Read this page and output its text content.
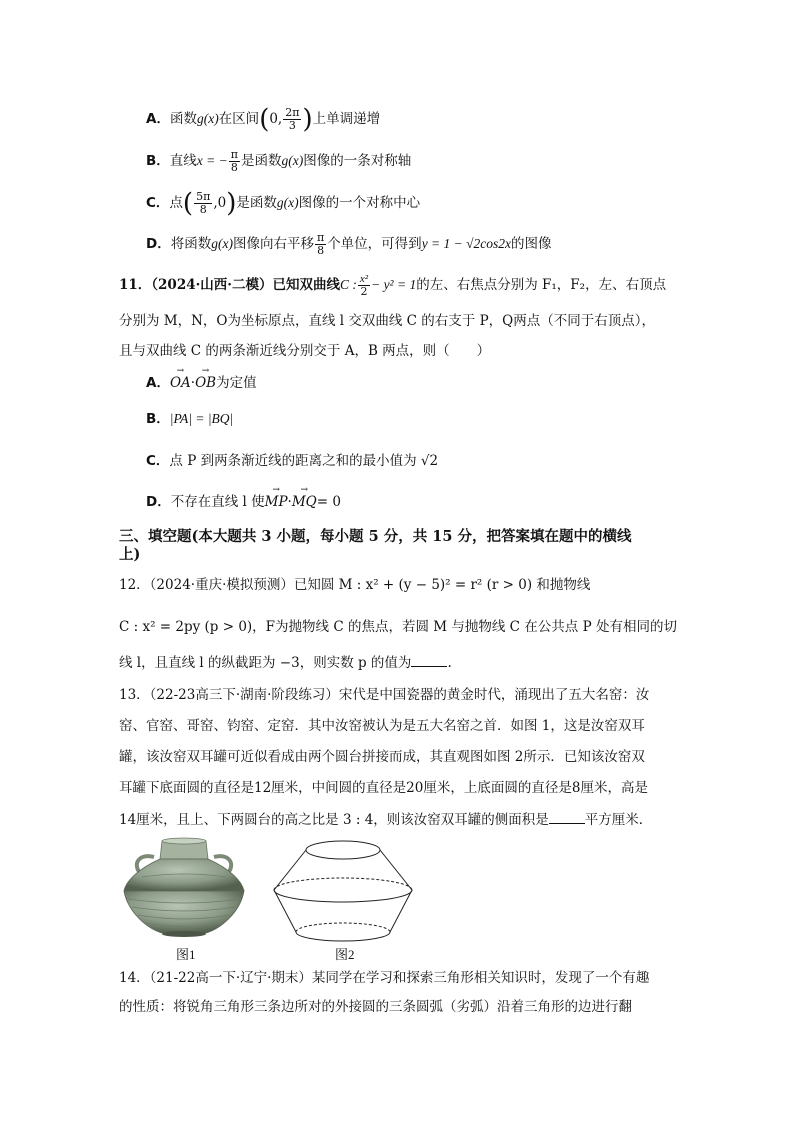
A．函数g(x)在区间(0, $\frac{2\pi}{3}$ )上单调递增
B．直线x = − $\frac{\pi}{8}$ 是函数g(x)图像的一条对称轴
C．点( $\frac{5\pi}{8} ,0$)是函数g(x)图像的一个对称中心
D．将函数g(x)图像向右平移 $\frac{\pi}{8}$ 个单位，可得到y = 1 − √2cos2x的图像
11．（2024·山西·二模）已知双曲线C : $\frac{\text{x²}}{2} - y^2 = 1$的左、右焦点分别为 F₁，F₂，左、右顶点
分别为 M，N，O为坐标原点，直线 l 交双曲线 C 的右支于 P，Q两点（不同于右顶点），
且与双曲线 C 的两条渐近线分别交于 A，B 两点，则（　　）
A．→ OA·→ OB为定值
B．|PA| = |BQ|
C．点 P 到两条渐近线的距离之和的最小值为 √2
D．不存在直线 l 使→ MP·→ MQ= 0
三、填空题(本大题共 3 小题，每小题 5 分，共 15 分，把答案填在题中的横线
上)
12．（2024·重庆·模拟预测）已知圆 M : x² + (y − 5)² = r² (r > 0) 和抛物线
C : x² = 2py (p > 0)，F为抛物线 C 的焦点，若圆 M 与抛物线 C 在公共点 P 处有相同的切
线 l，且直线 l 的纵截距为 −3，则实数 p 的值为	.
13．（22-23高三下·湖南·阶段练习）宋代是中国瓷器的黄金时代，涌现出了五大名窑：汝
窑、官窑、哥窑、钧窑、定窑．其中汝窑被认为是五大名窑之首．如图 1，这是汝窑双耳
罐，该汝窑双耳罐可近似看成由两个圆台拼接而成，其直观图如图 2所示．已知该汝窑双
耳罐下底面圆的直径是12厘米，中间圆的直径是20厘米，上底面圆的直径是8厘米，高是
14厘米，且上、下两圆台的高之比是 3 : 4，则该汝窑双耳罐的侧面积是	平方厘米．
图1	图2
14．（21-22高一下·辽宁·期末）某同学在学习和探索三角形相关知识时，发现了一个有趣
的性质：将锐角三角形三条边所对的外接圆的三条圆弧（劣弧）沿着三角形的边进行翻
